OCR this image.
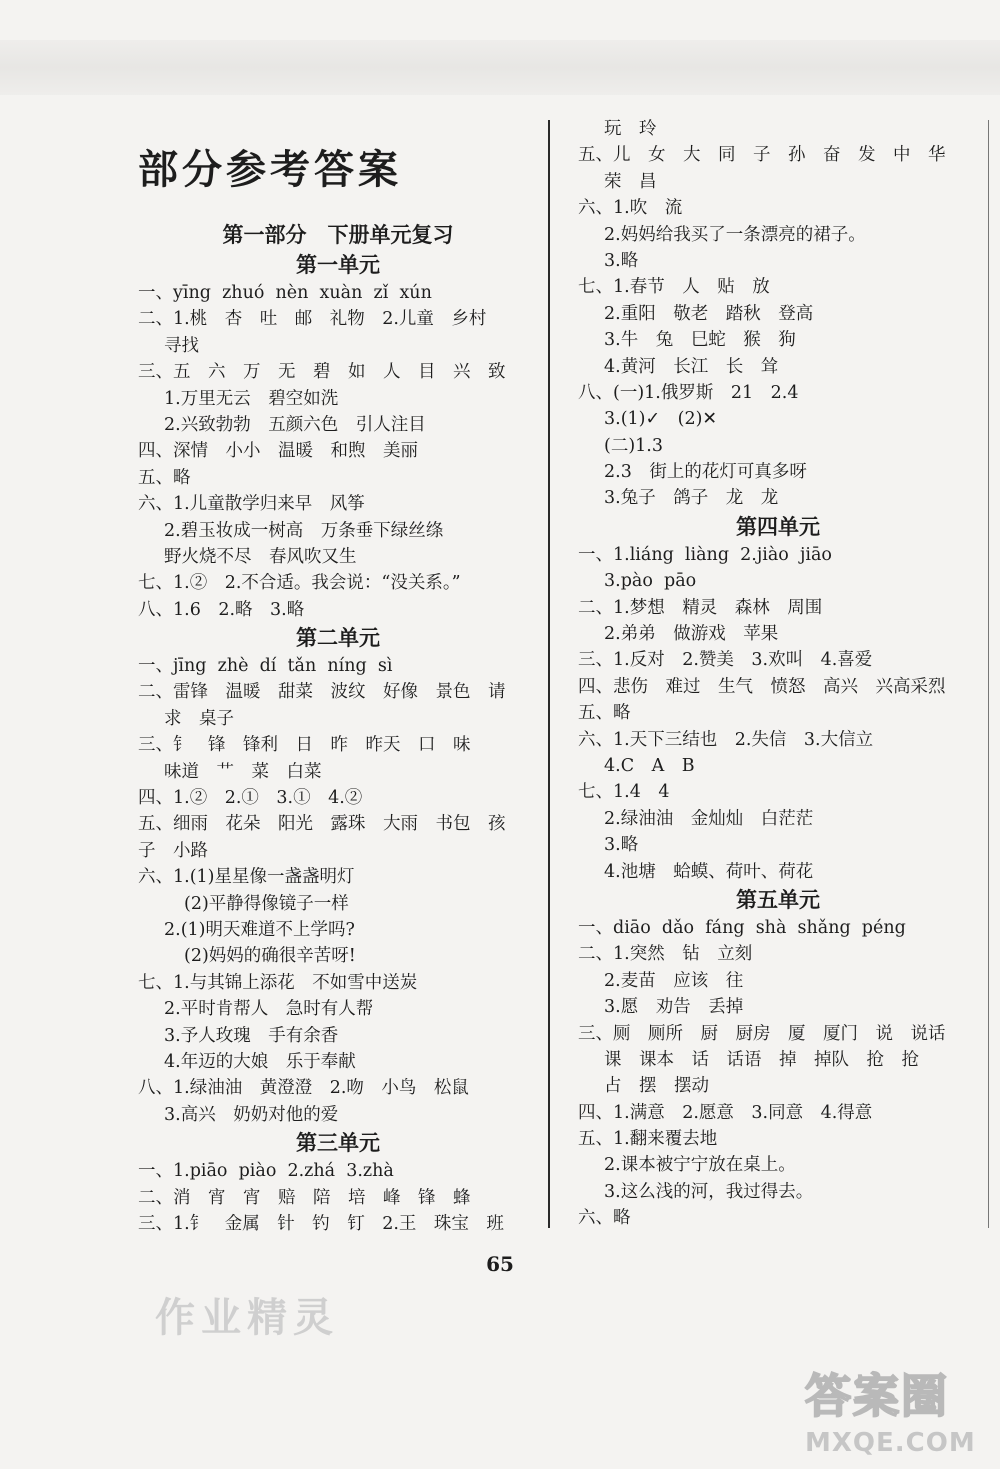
部分参考答案
第一部分　下册单元复习
第一单元
一、yīng  zhuó  nèn  xuàn  zǐ  xún
二、1.桃　杏　吐　邮　礼物　2.儿童　乡村
寻找
三、五　六　万　无　碧　如　人　目　兴　致
1.万里无云　碧空如洗
2.兴致勃勃　五颜六色　引人注目
四、深情　小小　温暖　和煦　美丽
五、略
六、1.儿童散学归来早　风筝
2.碧玉妆成一树高　万条垂下绿丝绦
野火烧不尽　春风吹又生
七、1.②　2.不合适。我会说：“没关系。”
八、1.6　2.略　3.略
第二单元
一、jīng  zhè  dí  tǎn  níng  sì
二、雷锋　温暖　甜菜　波纹　好像　景色　请
求　桌子
三、钅　锋　锋利　日　昨　昨天　口　味
味道　艹　菜　白菜
四、1.②　2.①　3.①　4.②
五、细雨　花朵　阳光　露珠　大雨　书包　孩
子　小路
六、1.(1)星星像一盏盏明灯
(2)平静得像镜子一样
2.(1)明天难道不上学吗?
(2)妈妈的确很辛苦呀!
七、1.与其锦上添花　不如雪中送炭
2.平时肯帮人　急时有人帮
3.予人玫瑰　手有余香
4.年迈的大娘　乐于奉献
八、1.绿油油　黄澄澄　2.吻　小鸟　松鼠
3.高兴　奶奶对他的爱
第三单元
一、1.piāo  piào  2.zhá  3.zhà
二、消　宵　宵　赔　陪　培　峰　锋　蜂
三、1.钅　金属　针　钓　钉　2.王　珠宝　班
玩　玲
五、儿　女　大　同　子　孙　奋　发　中　华
荣　昌
六、1.吹　流
2.妈妈给我买了一条漂亮的裙子。
3.略
七、1.春节　人　贴　放
2.重阳　敬老　踏秋　登高
3.牛　兔　巳蛇　猴　狗
4.黄河　长江　长　耸
八、(一)1.俄罗斯　21　2.4
3.(1)✓　(2)✕
(二)1.3
2.3　街上的花灯可真多呀
3.兔子　鸽子　龙　龙
第四单元
一、1.liáng  liàng  2.jiào  jiāo
3.pào  pāo
二、1.梦想　精灵　森林　周围
2.弟弟　做游戏　苹果
三、1.反对　2.赞美　3.欢叫　4.喜爱
四、悲伤　难过　生气　愤怒　高兴　兴高采烈
五、略
六、1.天下三结也　2.失信　3.大信立
4.C　A　B
七、1.4　4
2.绿油油　金灿灿　白茫茫
3.略
4.池塘　蛤蟆、荷叶、荷花
第五单元
一、diāo  dǎo  fáng  shà  shǎng  péng
二、1.突然　钻　立刻
2.麦苗　应该　往
3.愿　劝告　丢掉
三、厕　厕所　厨　厨房　厦　厦门　说　说话
课　课本　话　话语　掉　掉队　抢　抢
占　摆　摆动
四、1.满意　2.愿意　3.同意　4.得意
五、1.翻来覆去地
2.课本被宁宁放在桌上。
3.这么浅的河，我过得去。
六、略
65
作业精灵
答案圈
MXQE.COM
